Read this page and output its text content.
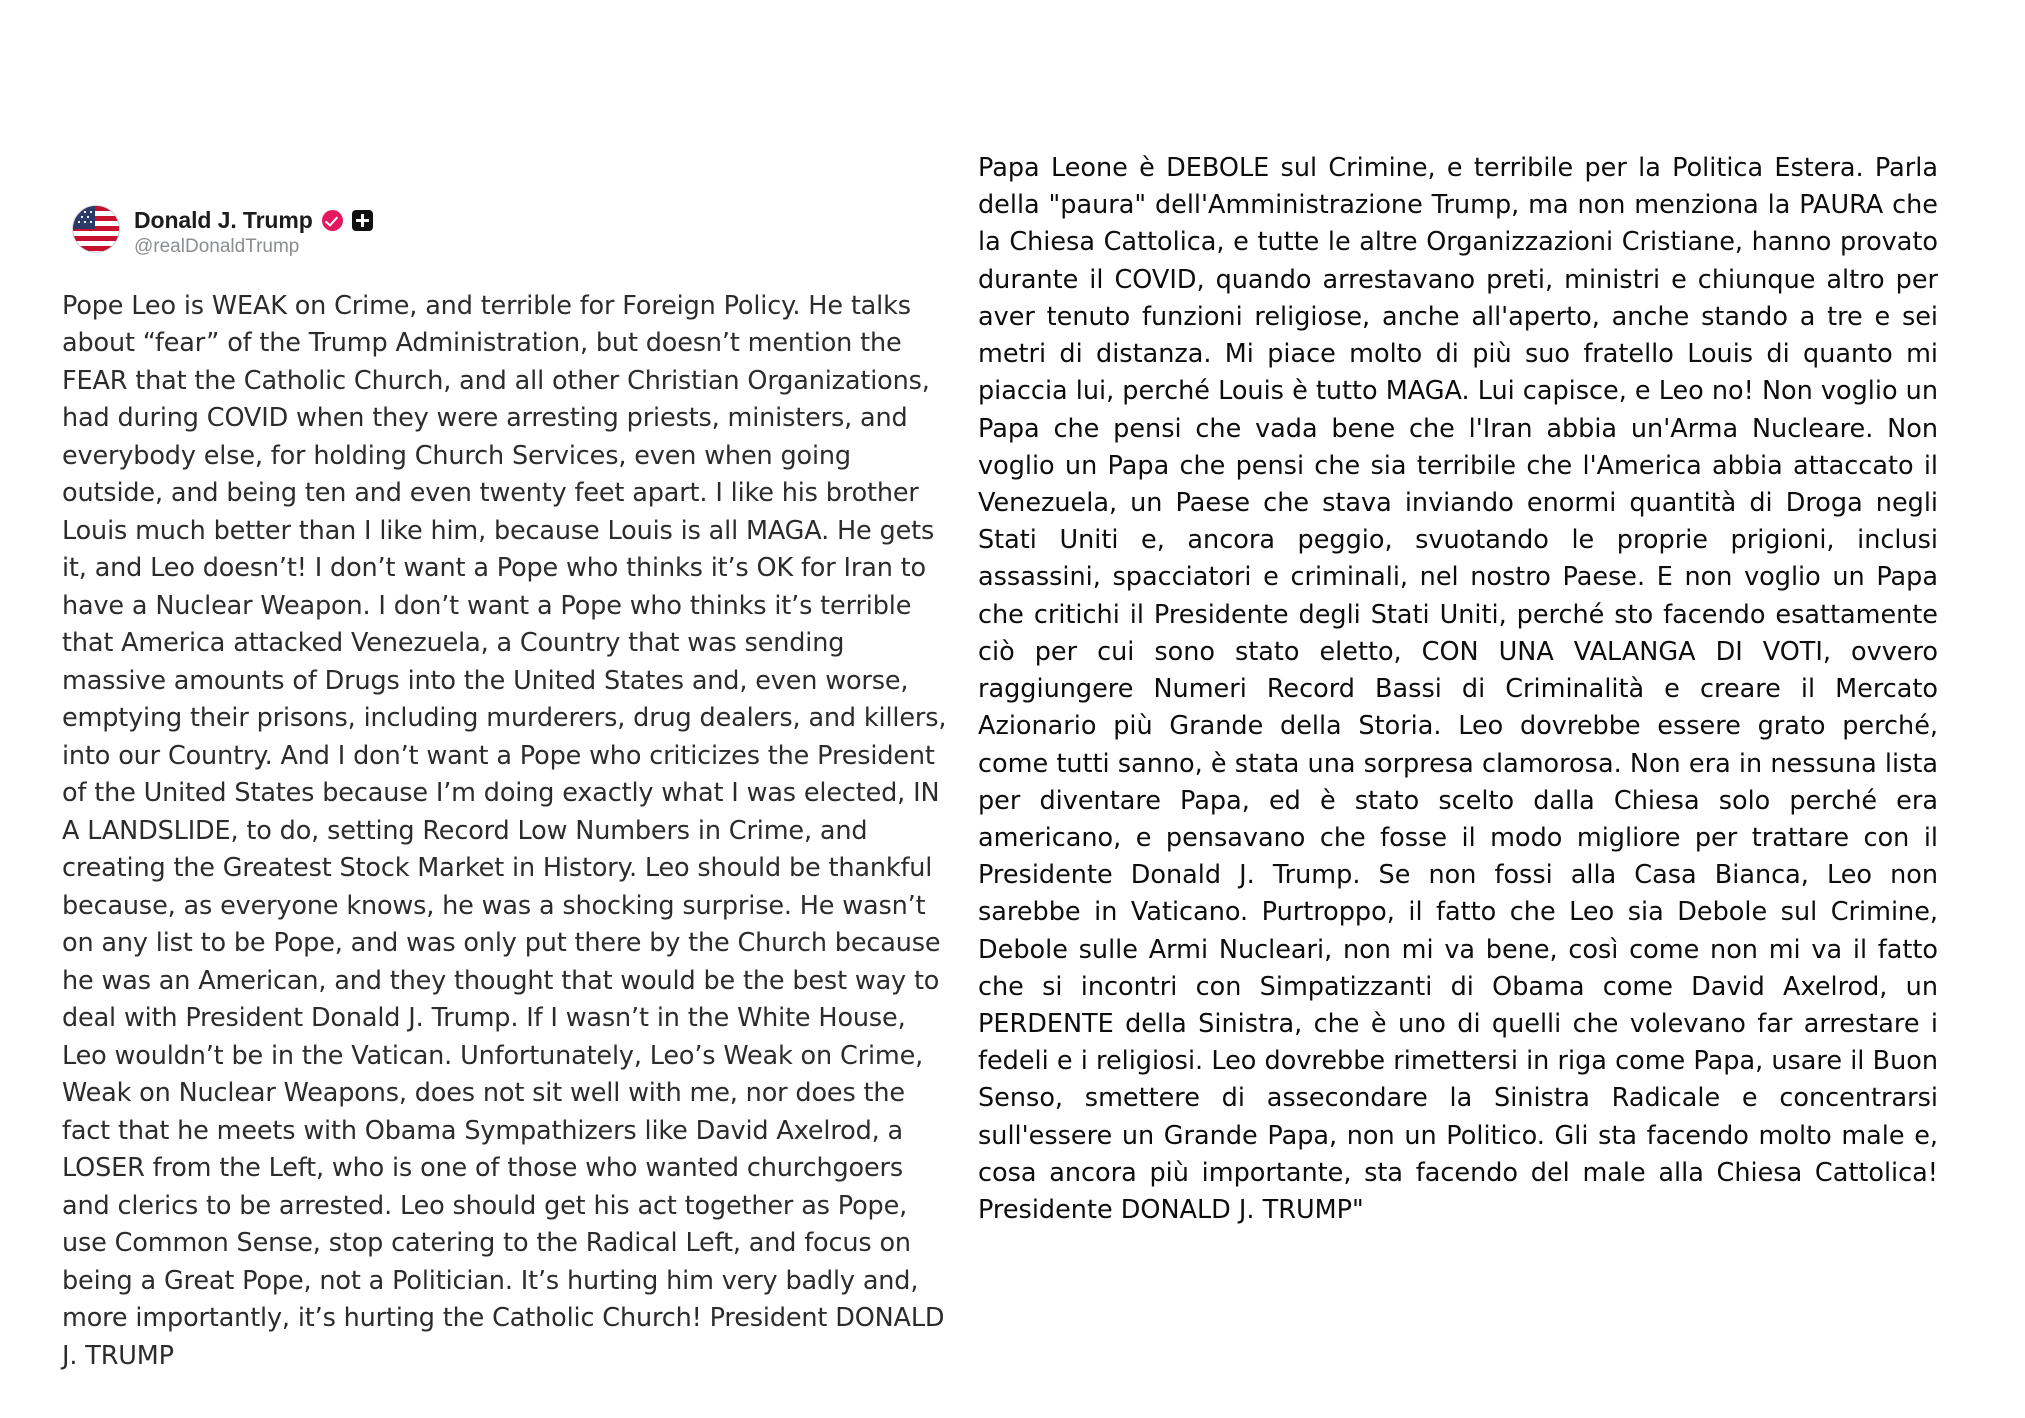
Donald J. Trump
@realDonaldTrump
Pope Leo is WEAK on Crime, and terrible for Foreign Policy. He talks about “fear” of the Trump Administration, but doesn’t mention the FEAR that the Catholic Church, and all other Christian Organizations, had during COVID when they were arresting priests, ministers, and everybody else, for holding Church Services, even when going outside, and being ten and even twenty feet apart. I like his brother Louis much better than I like him, because Louis is all MAGA. He gets it, and Leo doesn’t! I don’t want a Pope who thinks it’s OK for Iran to have a Nuclear Weapon. I don’t want a Pope who thinks it’s terrible that America attacked Venezuela, a Country that was sending massive amounts of Drugs into the United States and, even worse, emptying their prisons, including murderers, drug dealers, and killers, into our Country. And I don’t want a Pope who criticizes the President of the United States because I’m doing exactly what I was elected, IN A LANDSLIDE, to do, setting Record Low Numbers in Crime, and creating the Greatest Stock Market in History. Leo should be thankful because, as everyone knows, he was a shocking surprise. He wasn’t on any list to be Pope, and was only put there by the Church because he was an American, and they thought that would be the best way to deal with President Donald J. Trump. If I wasn’t in the White House, Leo wouldn’t be in the Vatican. Unfortunately, Leo’s Weak on Crime, Weak on Nuclear Weapons, does not sit well with me, nor does the fact that he meets with Obama Sympathizers like David Axelrod, a LOSER from the Left, who is one of those who wanted churchgoers and clerics to be arrested. Leo should get his act together as Pope, use Common Sense, stop catering to the Radical Left, and focus on being a Great Pope, not a Politician. It’s hurting him very badly and, more importantly, it’s hurting the Catholic Church! President DONALD J. TRUMP
Papa Leone è DEBOLE sul Crimine, e terribile per la Politica Estera. Parla della "paura" dell'Amministrazione Trump, ma non menziona la PAURA che la Chiesa Cattolica, e tutte le altre Organizzazioni Cristiane, hanno provato durante il COVID, quando arrestavano preti, ministri e chiunque altro per aver tenuto funzioni religiose, anche all'aperto, anche stando a tre e sei metri di distanza. Mi piace molto di più suo fratello Louis di quanto mi piaccia lui, perché Louis è tutto MAGA. Lui capisce, e Leo no! Non voglio un Papa che pensi che vada bene che l'Iran abbia un'Arma Nucleare. Non voglio un Papa che pensi che sia terribile che l'America abbia attaccato il Venezuela, un Paese che stava inviando enormi quantità di Droga negli Stati Uniti e, ancora peggio, svuotando le proprie prigioni, inclusi assassini, spacciatori e criminali, nel nostro Paese. E non voglio un Papa che critichi il Presidente degli Stati Uniti, perché sto facendo esattamente ciò per cui sono stato eletto, CON UNA VALANGA DI VOTI, ovvero raggiungere Numeri Record Bassi di Criminalità e creare il Mercato Azionario più Grande della Storia. Leo dovrebbe essere grato perché, come tutti sanno, è stata una sorpresa clamorosa. Non era in nessuna lista per diventare Papa, ed è stato scelto dalla Chiesa solo perché era americano, e pensavano che fosse il modo migliore per trattare con il Presidente Donald J. Trump. Se non fossi alla Casa Bianca, Leo non sarebbe in Vaticano. Purtroppo, il fatto che Leo sia Debole sul Crimine, Debole sulle Armi Nucleari, non mi va bene, così come non mi va il fatto che si incontri con Simpatizzanti di Obama come David Axelrod, un PERDENTE della Sinistra, che è uno di quelli che volevano far arrestare i fedeli e i religiosi. Leo dovrebbe rimettersi in riga come Papa, usare il Buon Senso, smettere di assecondare la Sinistra Radicale e concentrarsi sull'essere un Grande Papa, non un Politico. Gli sta facendo molto male e, cosa ancora più importante, sta facendo del male alla Chiesa Cattolica! Presidente DONALD J. TRUMP"
